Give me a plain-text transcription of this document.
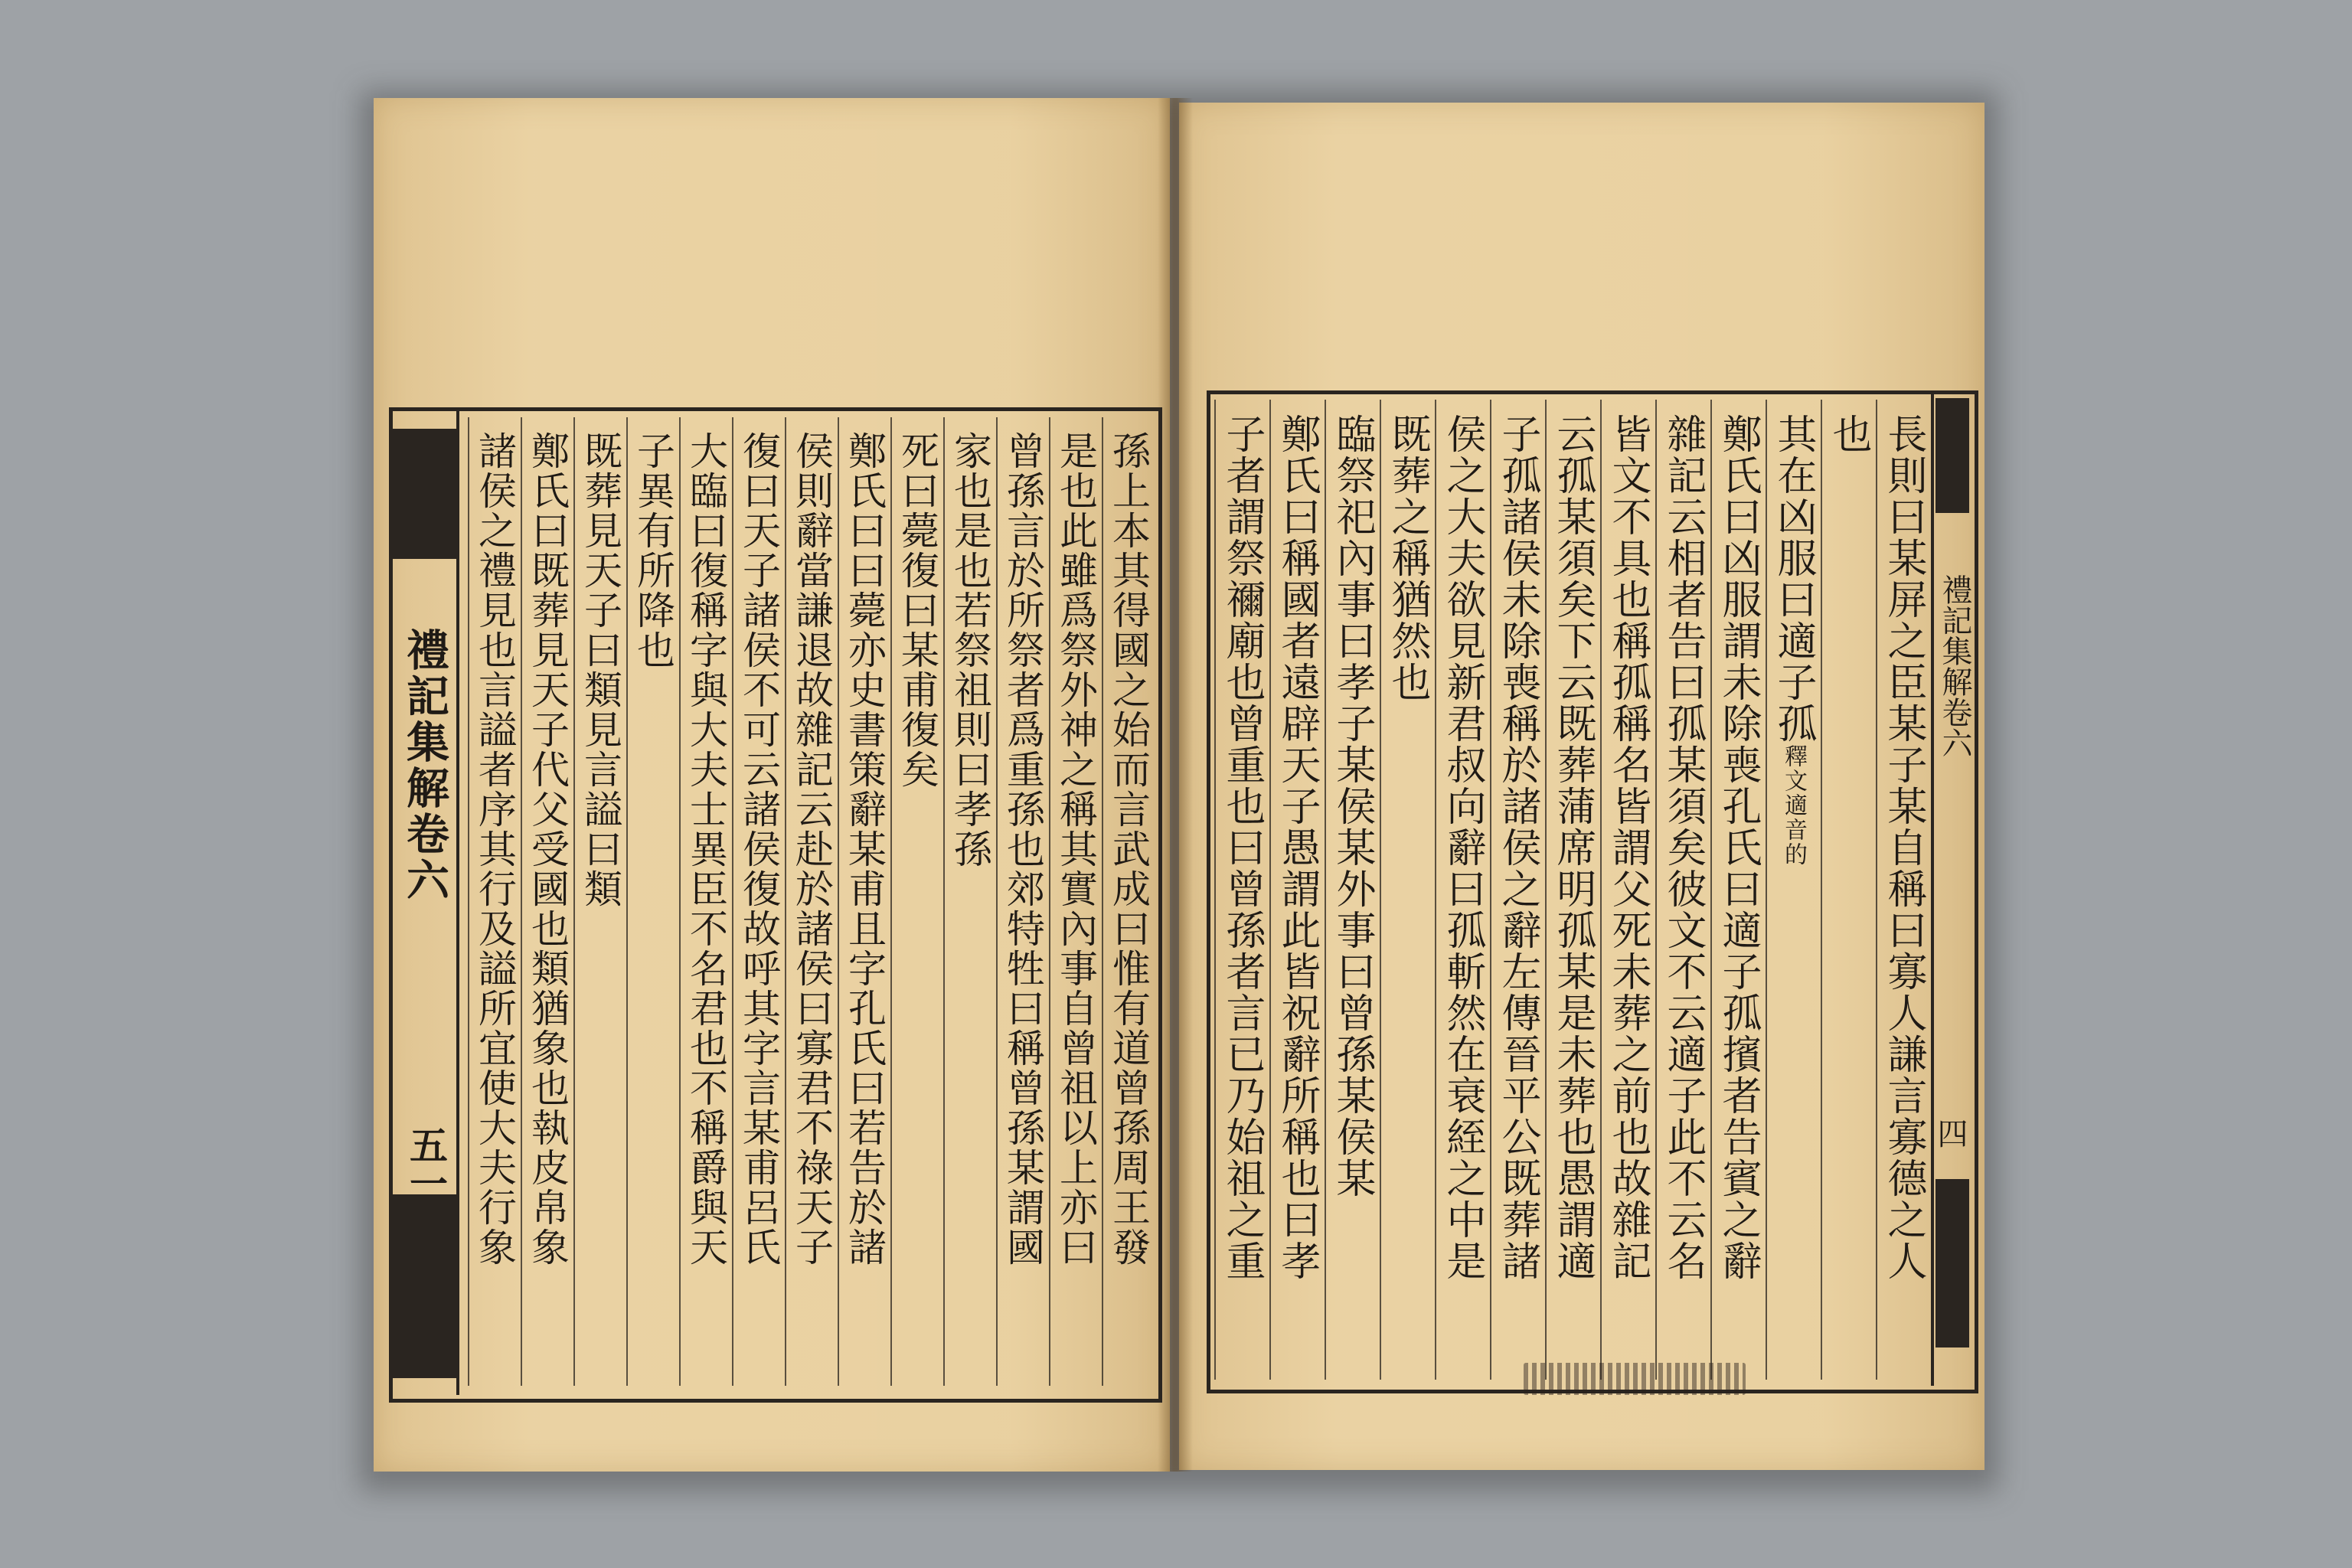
禮記集解卷六
五一	孫上本其得國之始而言武成曰惟有道曾孫周王發
是也此雖爲祭外神之稱其實內事自曾祖以上亦曰
曾孫言於所祭者爲重孫也郊特牲曰稱曾孫某謂國
家也是也若祭祖則曰孝孫
死曰薨復曰某甫復矣
鄭氏曰曰薨亦史書策辭某甫且字孔氏曰若告於諸
侯則辭當謙退故雜記云赴於諸侯曰寡君不祿天子
復曰天子諸侯不可云諸侯復故呼其字言某甫呂氏
大臨曰復稱字與大夫士異臣不名君也不稱爵與天
子異有所降也
既葬見天子曰類見言謚曰類
鄭氏曰既葬見天子代父受國也類猶象也執皮帛象
諸侯之禮見也言謚者序其行及謚所宜使大夫行象	禮記集解卷六
四
長則曰某屏之臣某子某自稱曰寡人謙言寡德之人
也
其在凶服曰適子孤釋文適音的
鄭氏曰凶服謂未除喪孔氏曰適子孤擯者告賓之辭
雜記云相者告曰孤某須矣彼文不云適子此不云名
皆文不具也稱孤稱名皆謂父死未葬之前也故雜記
云孤某須矣下云既葬蒲席明孤某是未葬也愚謂適
子孤諸侯未除喪稱於諸侯之辭左傳晉平公既葬諸
侯之大夫欲見新君叔向辭曰孤斬然在衰絰之中是
既葬之稱猶然也
臨祭祀內事曰孝子某侯某外事曰曾孫某侯某
鄭氏曰稱國者遠辟天子愚謂此皆祝辭所稱也曰孝
子者謂祭禰廟也曾重也曰曾孫者言已乃始祖之重
